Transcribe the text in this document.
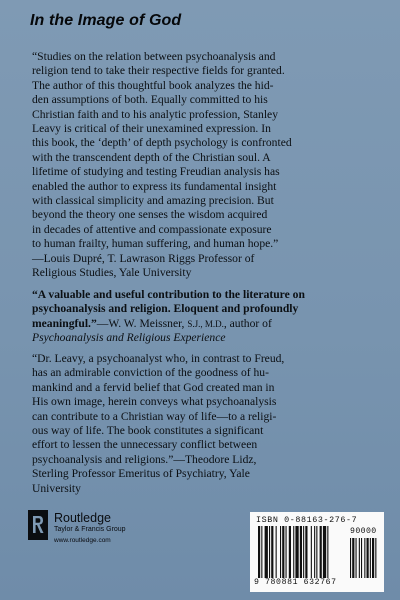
In the Image of God
“Studies on the relation between psychoanalysis and
religion tend to take their respective fields for granted.
The author of this thoughtful book analyzes the hid-
den assumptions of both. Equally committed to his
Christian faith and to his analytic profession, Stanley
Leavy is critical of their unexamined expression. In
this book, the ‘depth’ of depth psychology is confronted
with the transcendent depth of the Christian soul. A
lifetime of studying and testing Freudian analysis has
enabled the author to express its fundamental insight
with classical simplicity and amazing precision. But
beyond the theory one senses the wisdom acquired
in decades of attentive and compassionate exposure
to human frailty, human suffering, and human hope.”
—Louis Dupré, T. Lawrason Riggs Professor of
Religious Studies, Yale University
“A valuable and useful contribution to the literature on
psychoanalysis and religion. Eloquent and profoundly
meaningful.”—W. W. Meissner, S.J., M.D., author of
Psychoanalysis and Religious Experience
“Dr. Leavy, a psychoanalyst who, in contrast to Freud,
has an admirable conviction of the goodness of hu-
mankind and a fervid belief that God created man in
His own image, herein conveys what psychoanalysis
can contribute to a Christian way of life—to a religi-
ous way of life. The book constitutes a significant
effort to lessen the unnecessary conflict between
psychoanalysis and religions.”—Theodore Lidz,
Sterling Professor Emeritus of Psychiatry, Yale
University
Routledge
Taylor & Francis Group
www.routledge.com
ISBN 0-88163-276-7
90000
9 780881 632767
